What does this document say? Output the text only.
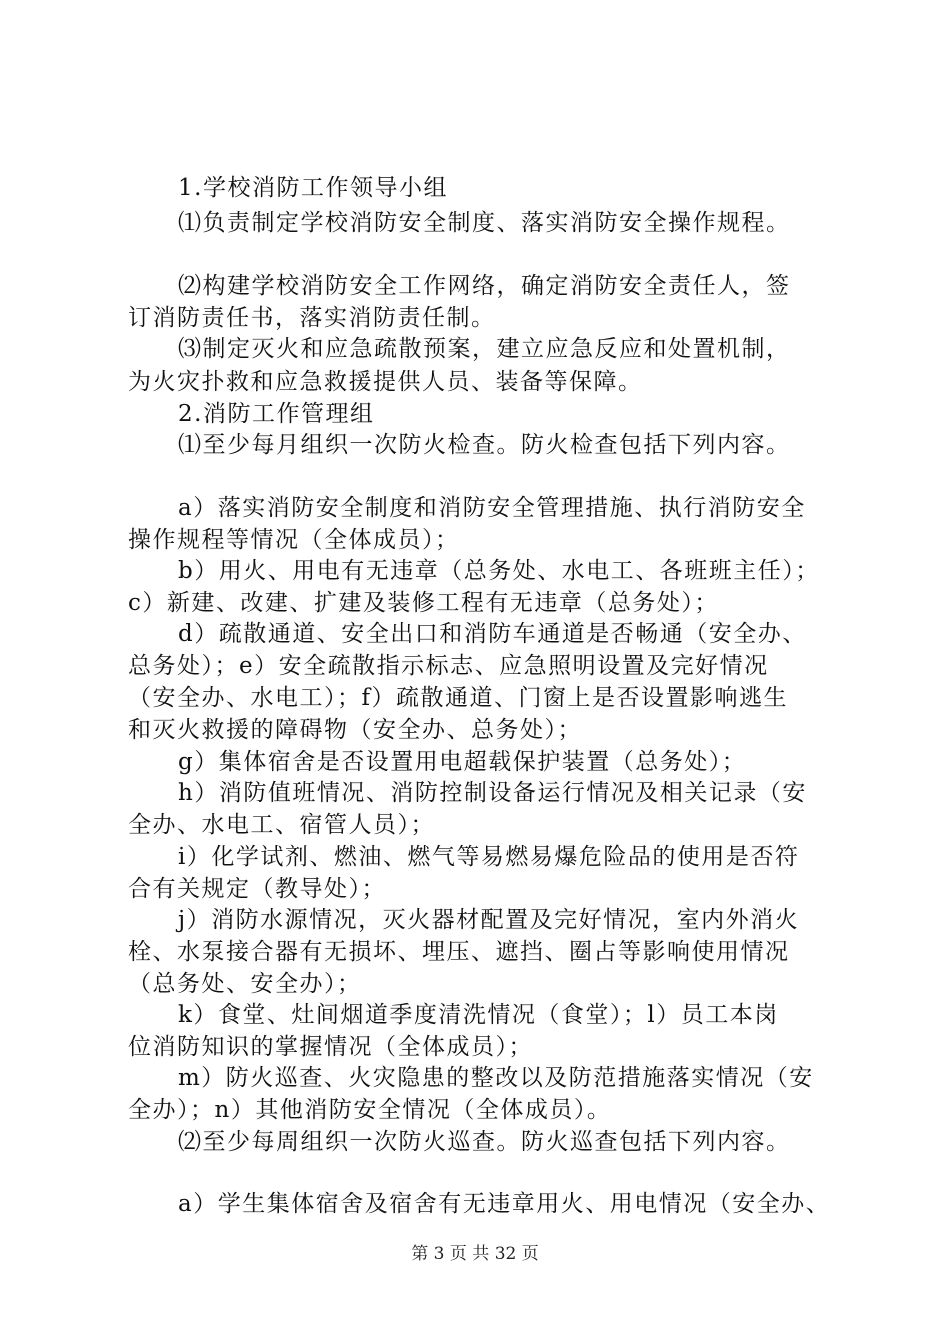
1.学校消防工作领导小组
⑴负责制定学校消防安全制度、落实消防安全操作规程。
⑵构建学校消防安全工作网络，确定消防安全责任人，签
订消防责任书，落实消防责任制。
⑶制定灭火和应急疏散预案，建立应急反应和处置机制，
为火灾扑救和应急救援提供人员、装备等保障。
2.消防工作管理组
⑴至少每月组织一次防火检查。防火检查包括下列内容。
a）落实消防安全制度和消防安全管理措施、执行消防安全
操作规程等情况（全体成员）；
b）用火、用电有无违章（总务处、水电工、各班班主任）；
c）新建、改建、扩建及装修工程有无违章（总务处）；
d）疏散通道、安全出口和消防车通道是否畅通（安全办、
总务处）；e）安全疏散指示标志、应急照明设置及完好情况
（安全办、水电工）；f）疏散通道、门窗上是否设置影响逃生
和灭火救援的障碍物（安全办、总务处）；
g）集体宿舍是否设置用电超载保护装置（总务处）；
h）消防值班情况、消防控制设备运行情况及相关记录（安
全办、水电工、宿管人员）；
i）化学试剂、燃油、燃气等易燃易爆危险品的使用是否符
合有关规定（教导处）；
j）消防水源情况，灭火器材配置及完好情况，室内外消火
栓、水泵接合器有无损坏、埋压、遮挡、圈占等影响使用情况
（总务处、安全办）；
k）食堂、灶间烟道季度清洗情况（食堂）；l）员工本岗
位消防知识的掌握情况（全体成员）；
m）防火巡查、火灾隐患的整改以及防范措施落实情况（安
全办）；n）其他消防安全情况（全体成员）。
⑵至少每周组织一次防火巡查。防火巡查包括下列内容。
a）学生集体宿舍及宿舍有无违章用火、用电情况（安全办、
第 3 页 共 32 页
